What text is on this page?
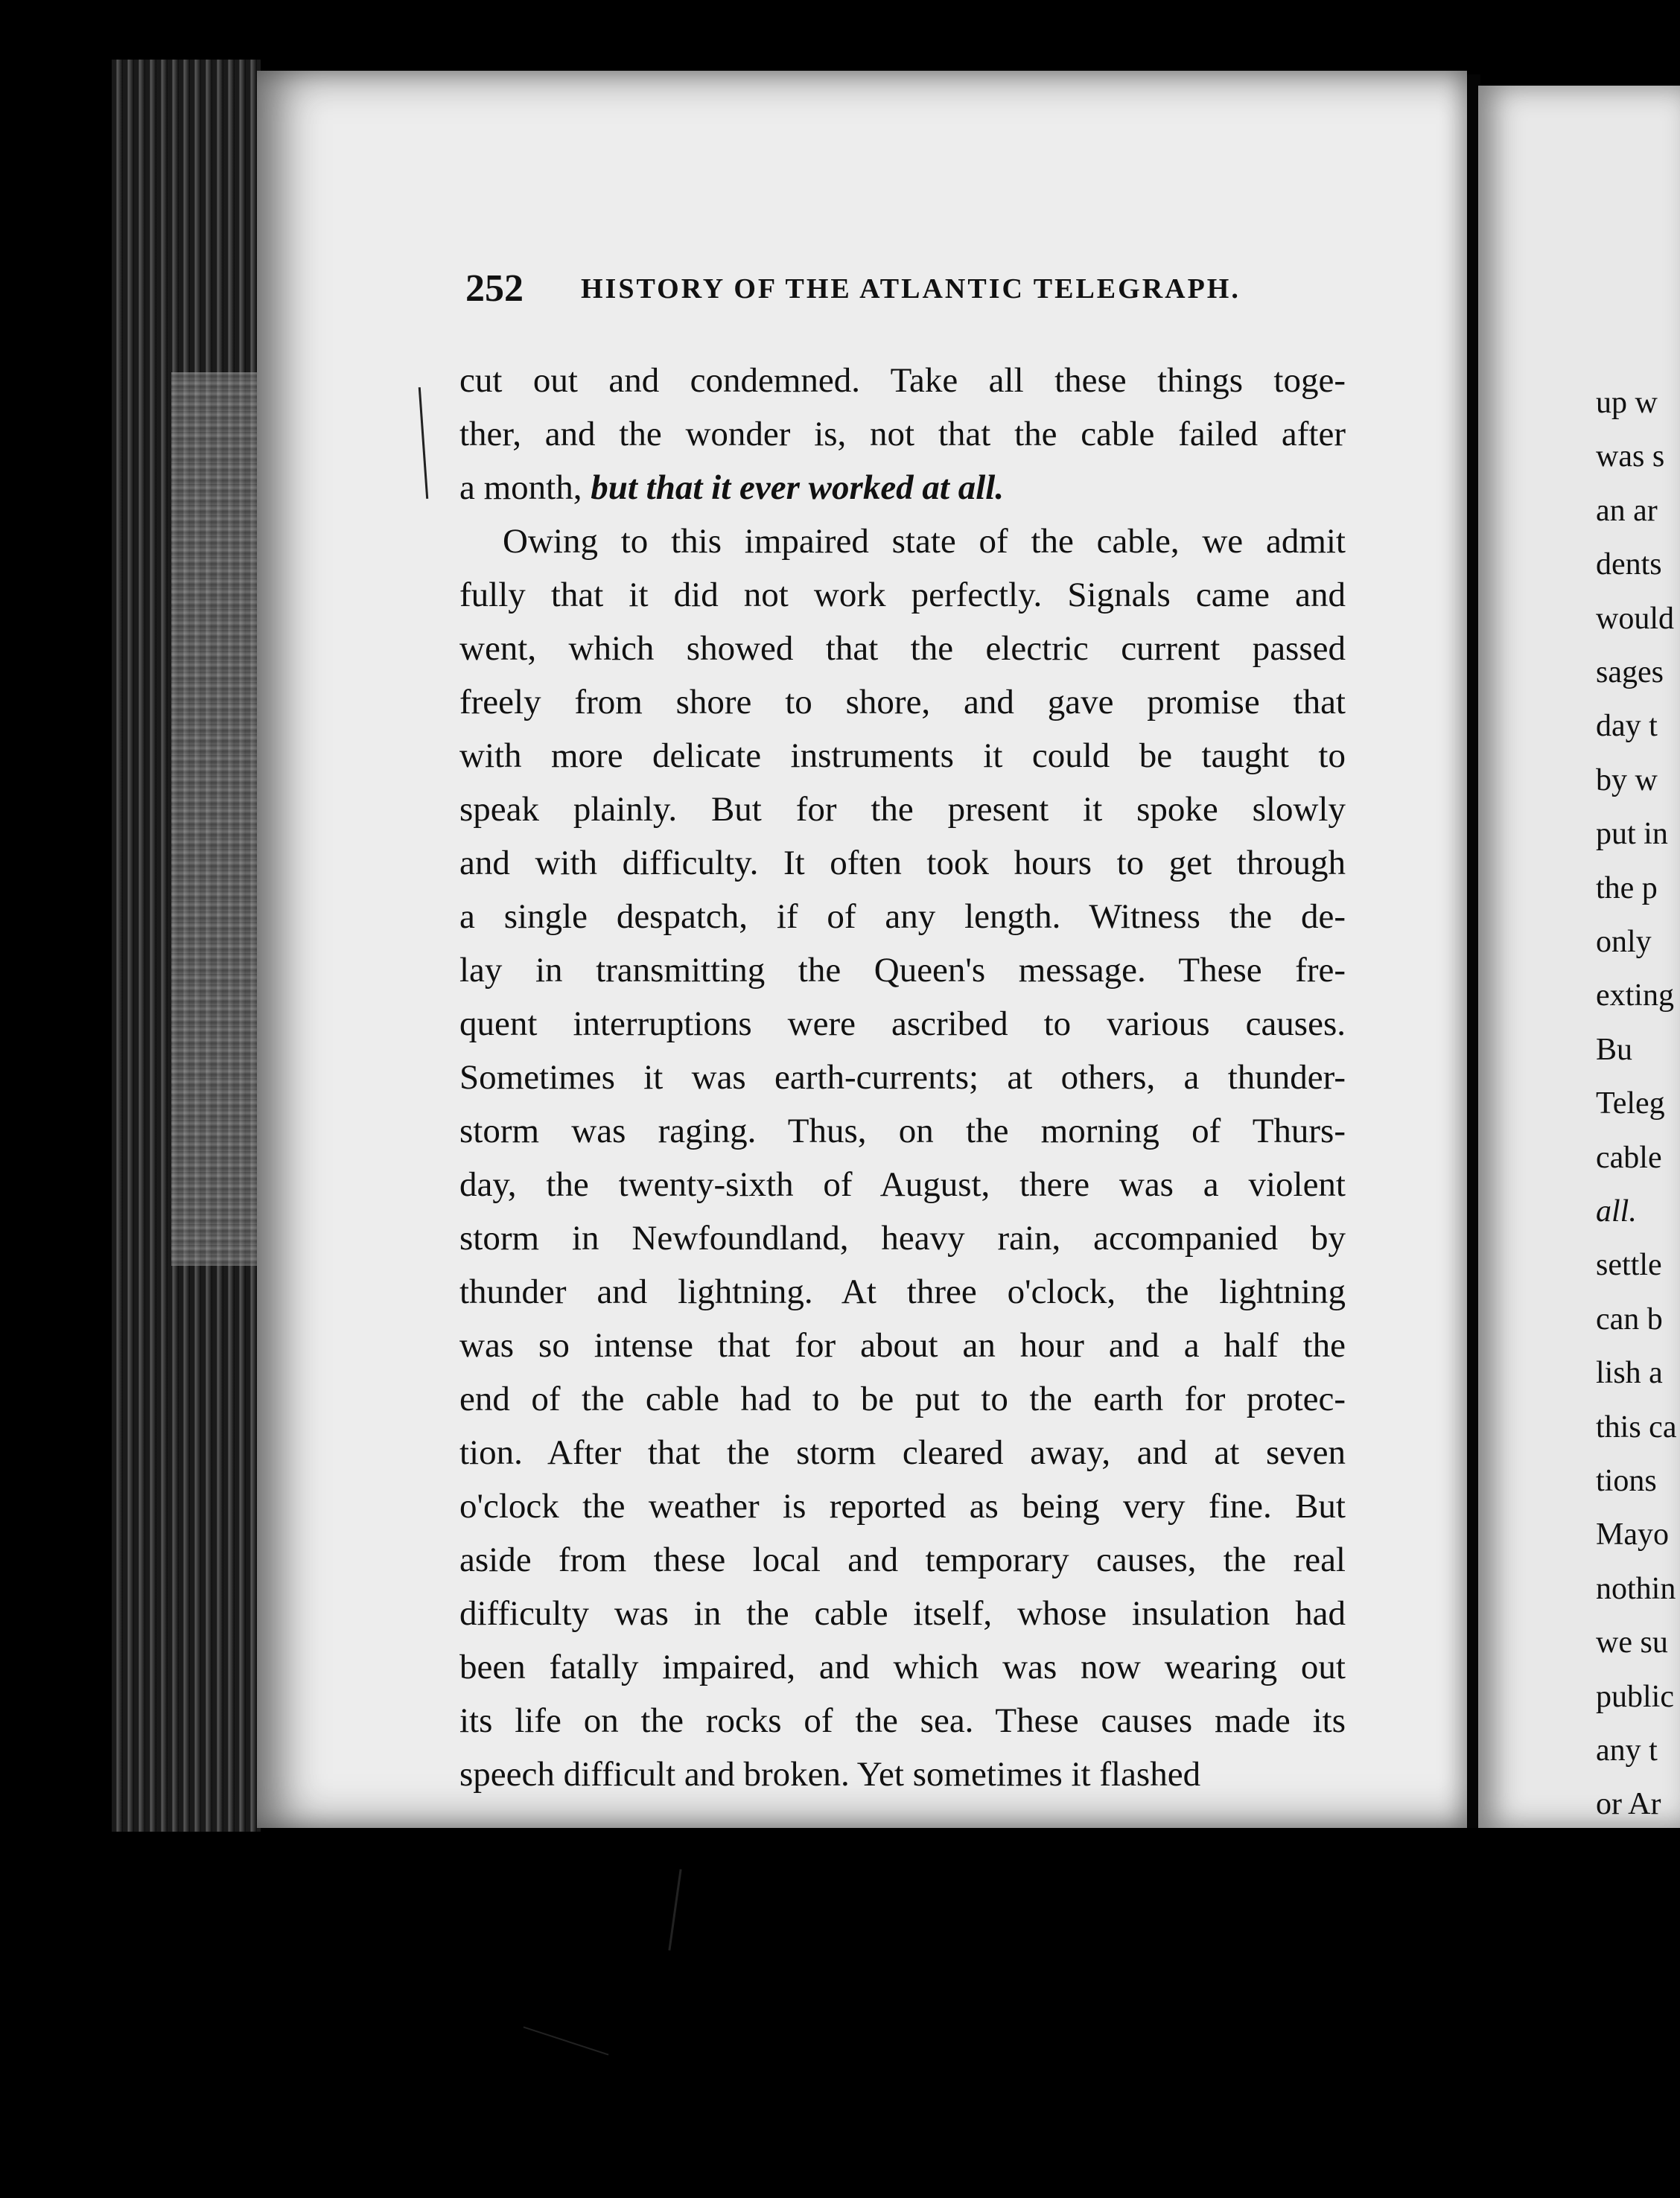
252 HISTORY OF THE ATLANTIC TELEGRAPH.
cut out and condemned. Take all these things toge-
ther, and the wonder is, not that the cable failed after
a month, but that it ever worked at all.
Owing to this impaired state of the cable, we admit
fully that it did not work perfectly. Signals came and
went, which showed that the electric current passed
freely from shore to shore, and gave promise that
with more delicate instruments it could be taught to
speak plainly. But for the present it spoke slowly
and with difficulty. It often took hours to get through
a single despatch, if of any length. Witness the de-
lay in transmitting the Queen's message. These fre-
quent interruptions were ascribed to various causes.
Sometimes it was earth-currents; at others, a thunder-
storm was raging. Thus, on the morning of Thurs-
day, the twenty-sixth of August, there was a violent
storm in Newfoundland, heavy rain, accompanied by
thunder and lightning. At three o'clock, the lightning
was so intense that for about an hour and a half the
end of the cable had to be put to the earth for protec-
tion. After that the storm cleared away, and at seven
o'clock the weather is reported as being very fine. But
aside from these local and temporary causes, the real
difficulty was in the cable itself, whose insulation had
been fatally impaired, and which was now wearing out
its life on the rocks of the sea. These causes made its
speech difficult and broken. Yet sometimes it flashed
up w
was s
an ar
dents
would
sages
day t
by w
put in
the p
only
exting
Bu
Teleg
cable
all.
settle
can b
lish a
this ca
tions
Mayo
nothin
we su
public
any t
or Ar
